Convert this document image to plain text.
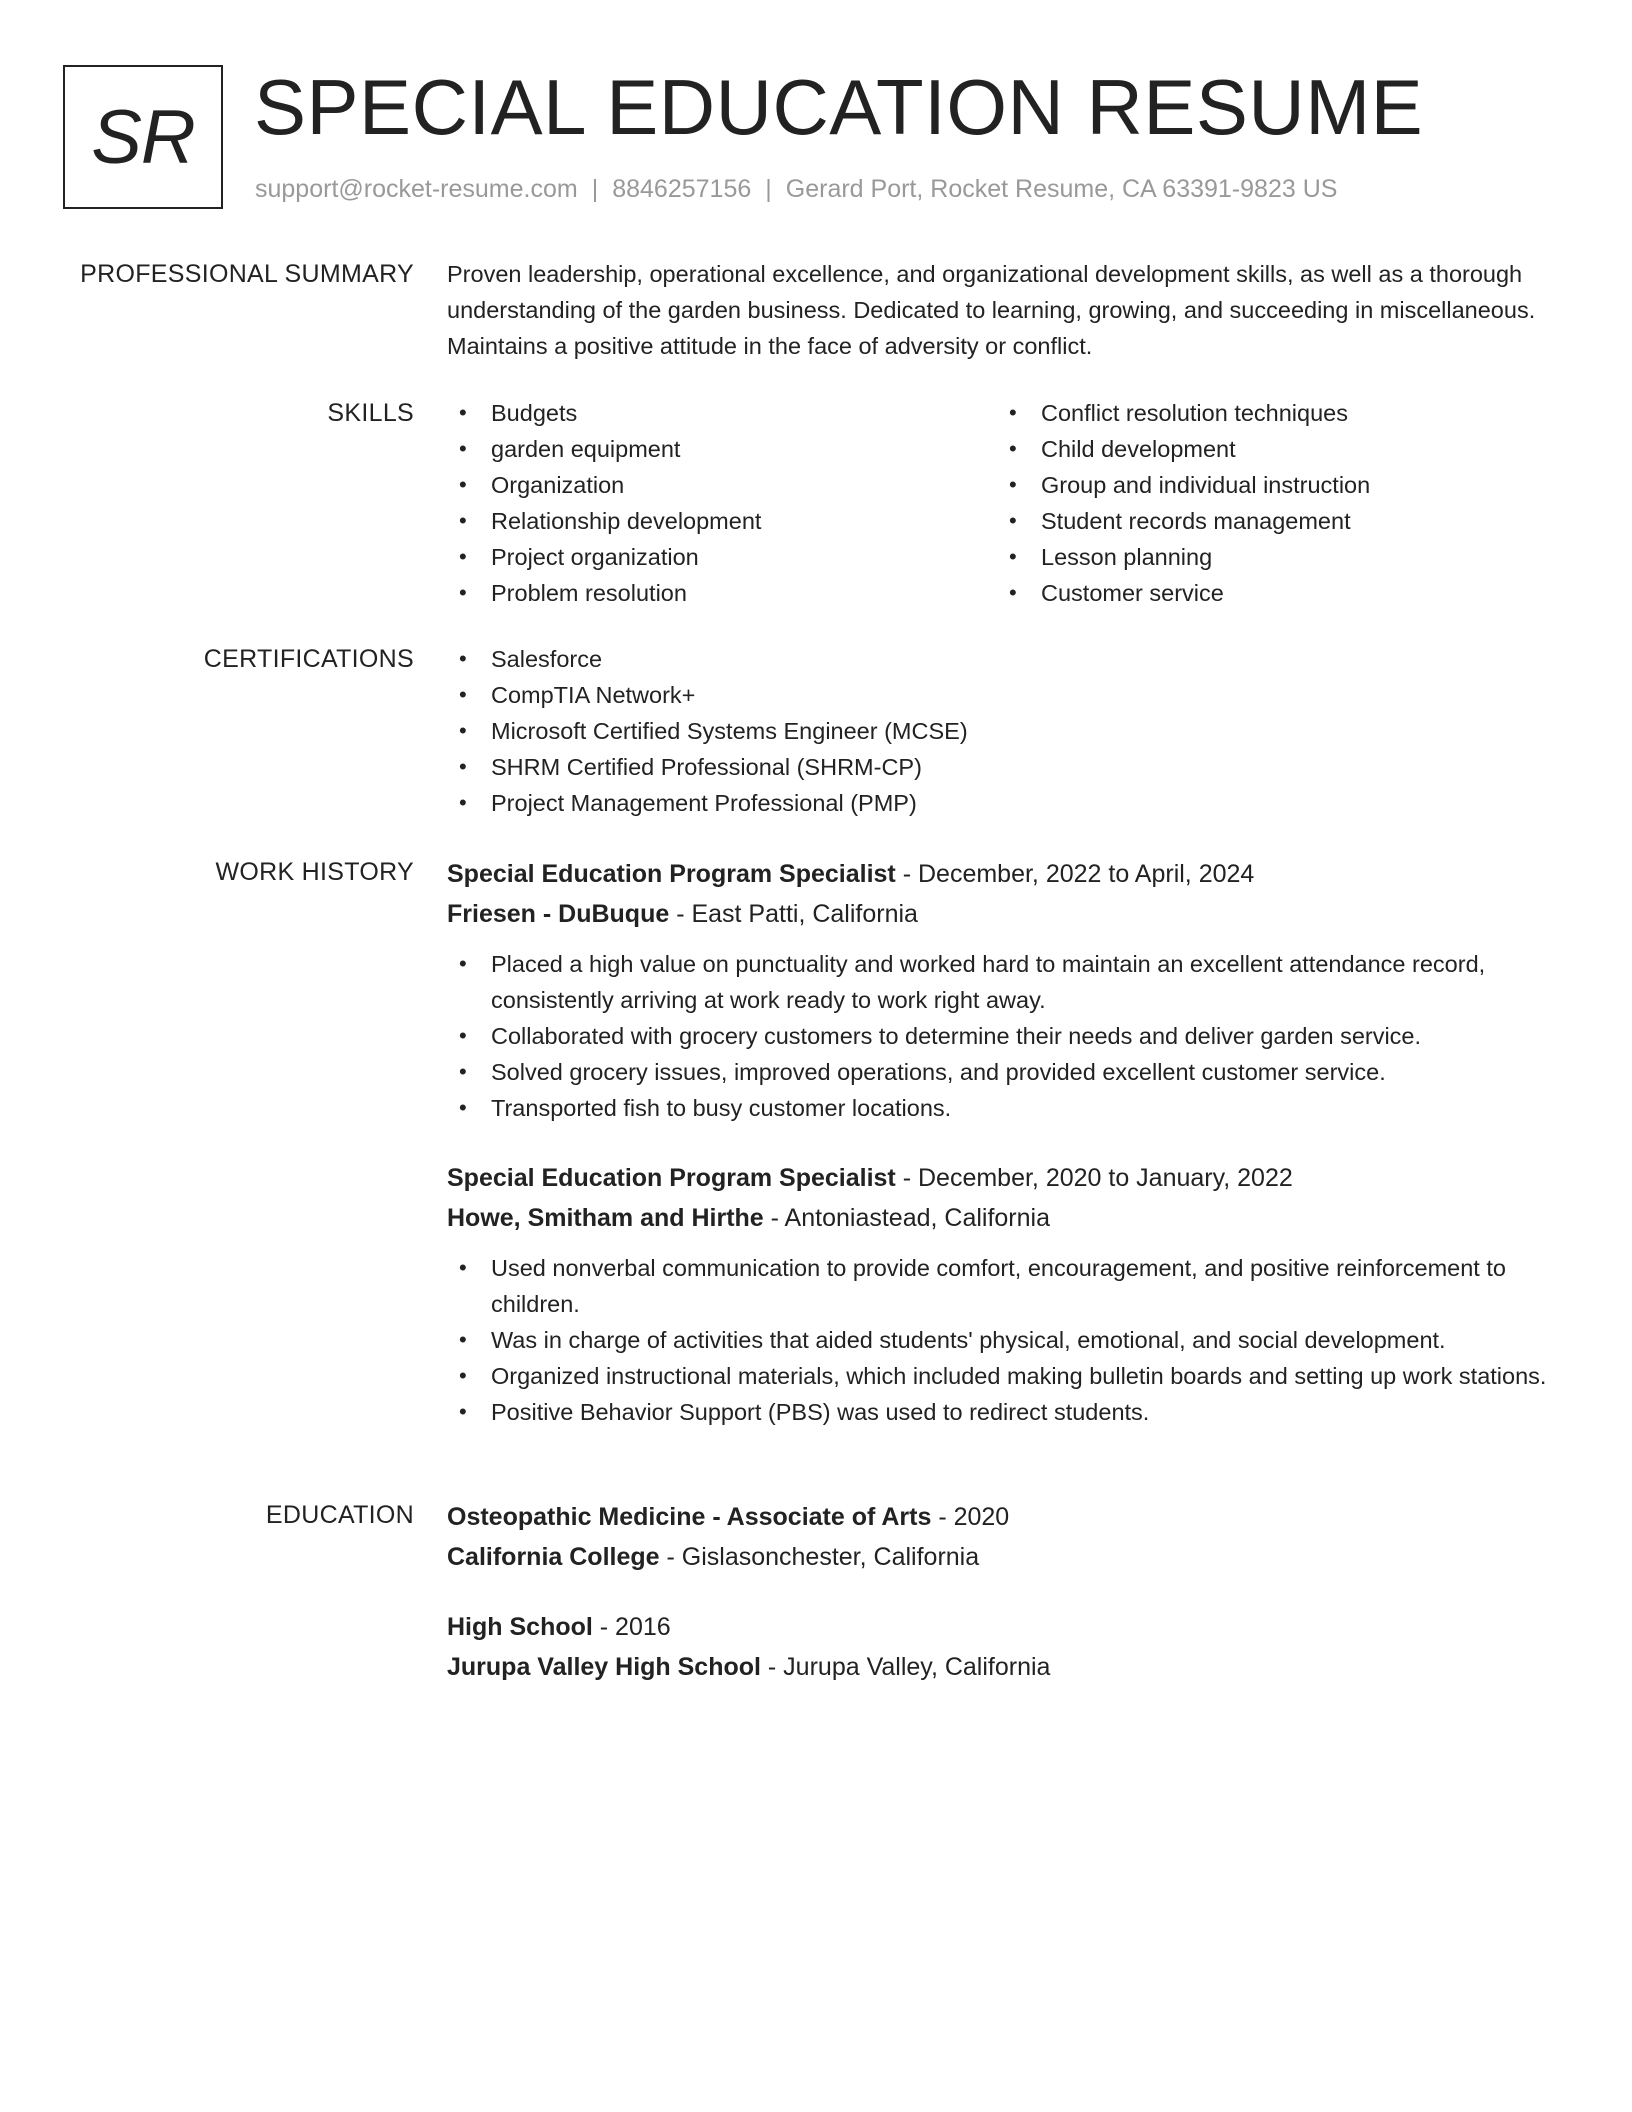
SR SPECIAL EDUCATION RESUME
support@rocket-resume.com | 8846257156 | Gerard Port, Rocket Resume, CA 63391-9823 US
PROFESSIONAL SUMMARY Proven leadership, operational excellence, and organizational development skills, as well as a thorough understanding of the garden business. Dedicated to learning, growing, and succeeding in miscellaneous. Maintains a positive attitude in the face of adversity or conflict.
SKILLS	• Budgets
• garden equipment
• Organization
• Relationship development
• Project organization
• Problem resolution
• Conflict resolution techniques
• Child development
• Group and individual instruction
• Student records management
• Lesson planning
• Customer service
CERTIFICATIONS	• Salesforce
• CompTIA Network+
• Microsoft Certified Systems Engineer (MCSE)
• SHRM Certified Professional (SHRM-CP)
• Project Management Professional (PMP)
WORK HISTORY Special Education Program Specialist - December, 2022 to April, 2024
Friesen - DuBuque - East Patti, California
• Placed a high value on punctuality and worked hard to maintain an excellent attendance record, consistently arriving at work ready to work right away.
• Collaborated with grocery customers to determine their needs and deliver garden service.
• Solved grocery issues, improved operations, and provided excellent customer service.
• Transported fish to busy customer locations.
Special Education Program Specialist - December, 2020 to January, 2022
Howe, Smitham and Hirthe - Antoniastead, California
• Used nonverbal communication to provide comfort, encouragement, and positive reinforcement to children.
• Was in charge of activities that aided students' physical, emotional, and social development.
• Organized instructional materials, which included making bulletin boards and setting up work stations.
• Positive Behavior Support (PBS) was used to redirect students.
EDUCATION Osteopathic Medicine - Associate of Arts - 2020
California College - Gislasonchester, California
High School - 2016
Jurupa Valley High School - Jurupa Valley, California
